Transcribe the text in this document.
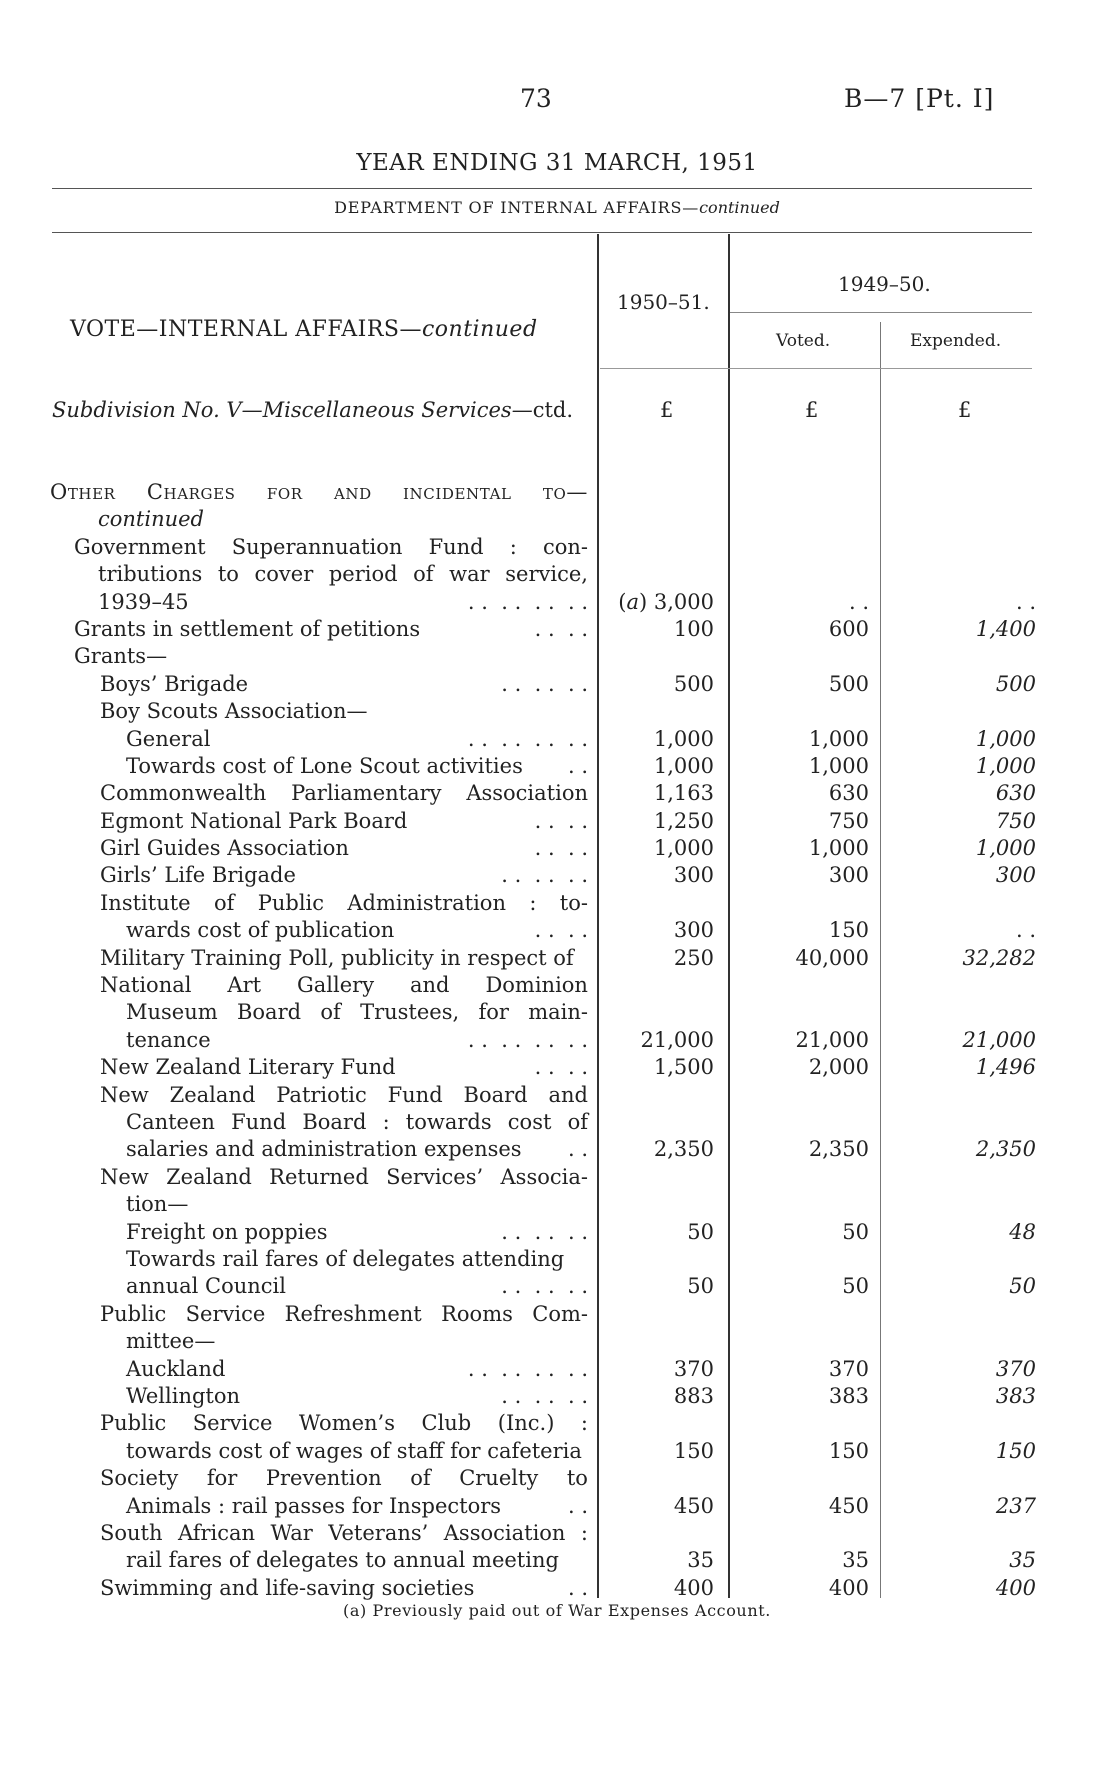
73	B—7 [Pt. I]
YEAR ENDING 31 MARCH, 1951
DEPARTMENT OF INTERNAL AFFAIRS—continued
VOTE—INTERNAL AFFAIRS—continued
1950–51.
1949–50.
Voted.	Expended.
Subdivision No. V—Miscellaneous Services—ctd.	£	£	£
Other Charges for and incidental to—
continued
Government Superannuation Fund : con-
tributions to cover period of war service,
1939–45	. .  . .  . .  . . (a) 3,000	. .	. .
Grants in settlement of petitions	. .  . .	100	600	1,400
Grants—
Boys’ Brigade	. .  . .  . .	500	500	500
Boy Scouts Association—
General	. .  . .  . .  . .	1,000	1,000	1,000
Towards cost of Lone Scout activities . .	1,000	1,000	1,000
Commonwealth Parliamentary Association	1,163	630	630
Egmont National Park Board	. .  . .	1,250	750	750
Girl Guides Association	. .  . .	1,000	1,000	1,000
Girls’ Life Brigade	. .  . .  . .	300	300	300
Institute of Public Administration : to-
wards cost of publication	. .  . .	300	150	. .
Military Training Poll, publicity in respect of	250	40,000	32,282
National Art Gallery and Dominion
Museum Board of Trustees, for main-
tenance	. .  . .  . .  . .	21,000	21,000	21,000
New Zealand Literary Fund	. .  . .	1,500	2,000	1,496
New Zealand Patriotic Fund Board and
Canteen Fund Board : towards cost of
salaries and administration expenses . .	2,350	2,350	2,350
New Zealand Returned Services’ Associa-
tion—
Freight on poppies	. .  . .  . .	50	50	48
Towards rail fares of delegates attending
annual Council	. .  . .  . .	50	50	50
Public Service Refreshment Rooms Com-
mittee—
Auckland	. .  . .  . .  . .	370	370	370
Wellington	. .  . .  . .	883	383	383
Public Service Women’s Club (Inc.) :
towards cost of wages of staff for cafeteria	150	150	150
Society for Prevention of Cruelty to
Animals : rail passes for Inspectors	. .	450	450	237
South African War Veterans’ Association :
rail fares of delegates to annual meeting	35	35	35
Swimming and life-saving societies	. .	400	400	400
(a) Previously paid out of War Expenses Account.
